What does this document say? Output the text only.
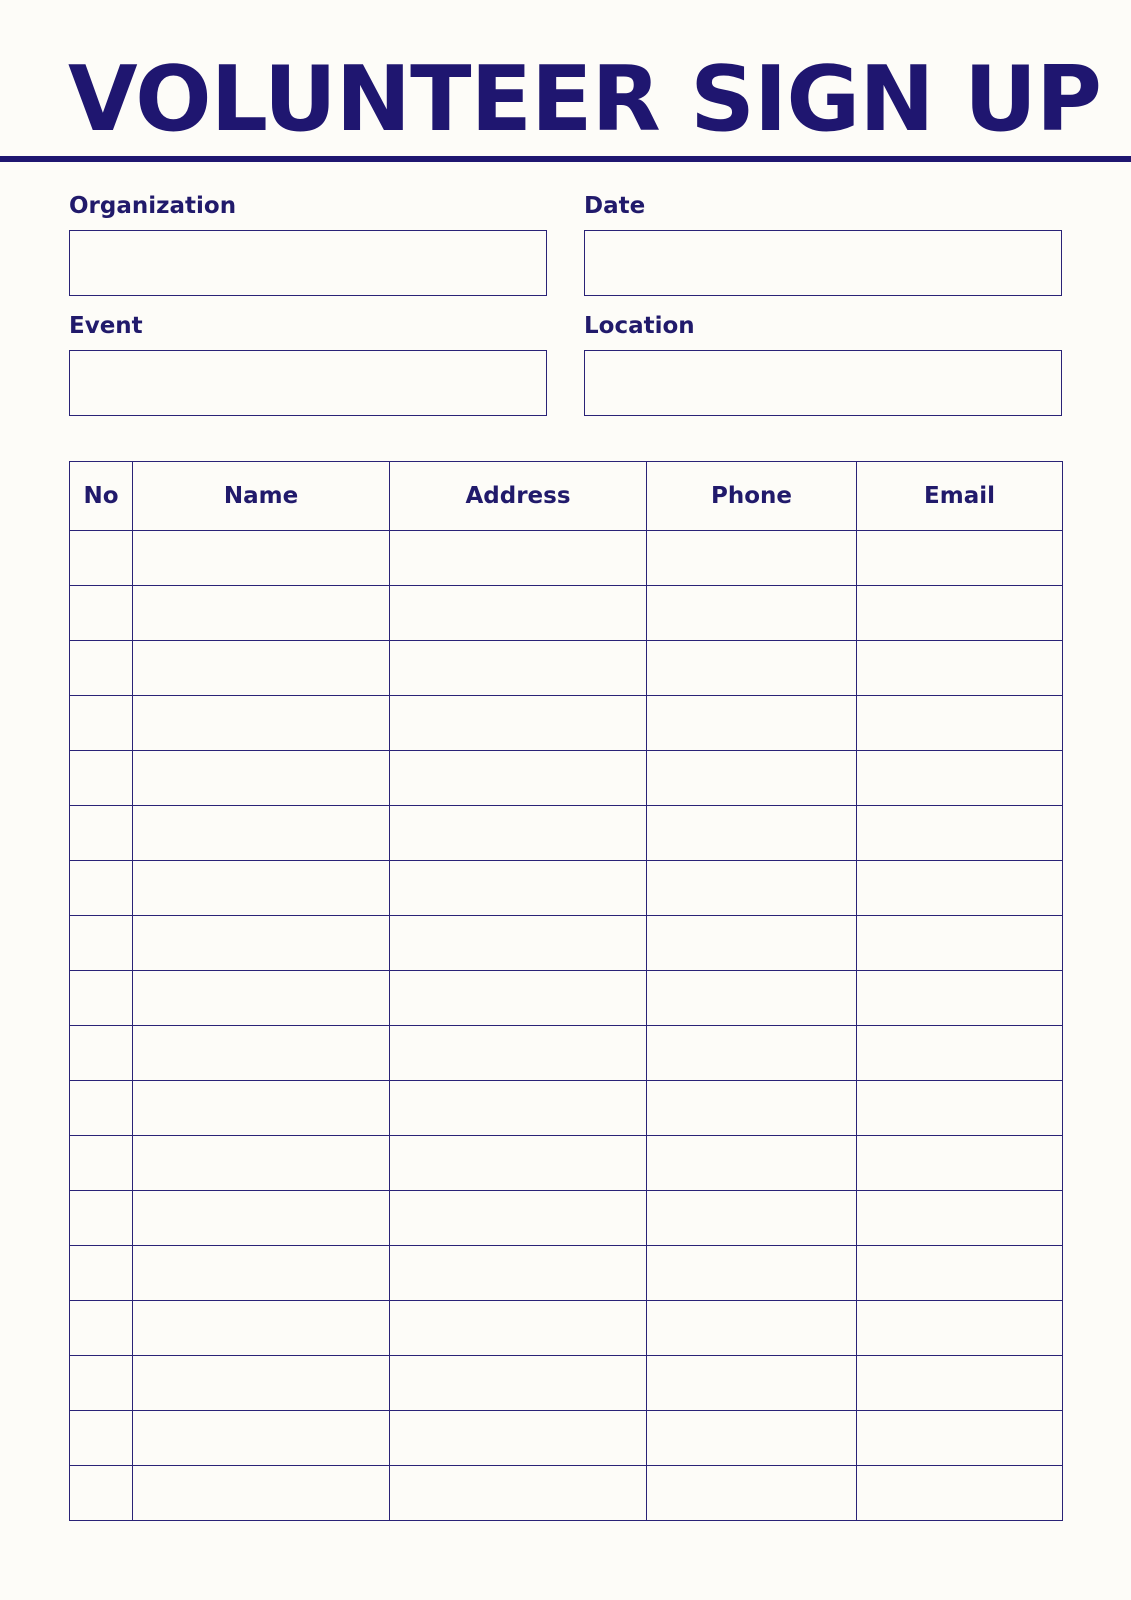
VOLUNTEER SIGN UP
Organization	Date
Event	Location
No	Name	Address	Phone	Email
